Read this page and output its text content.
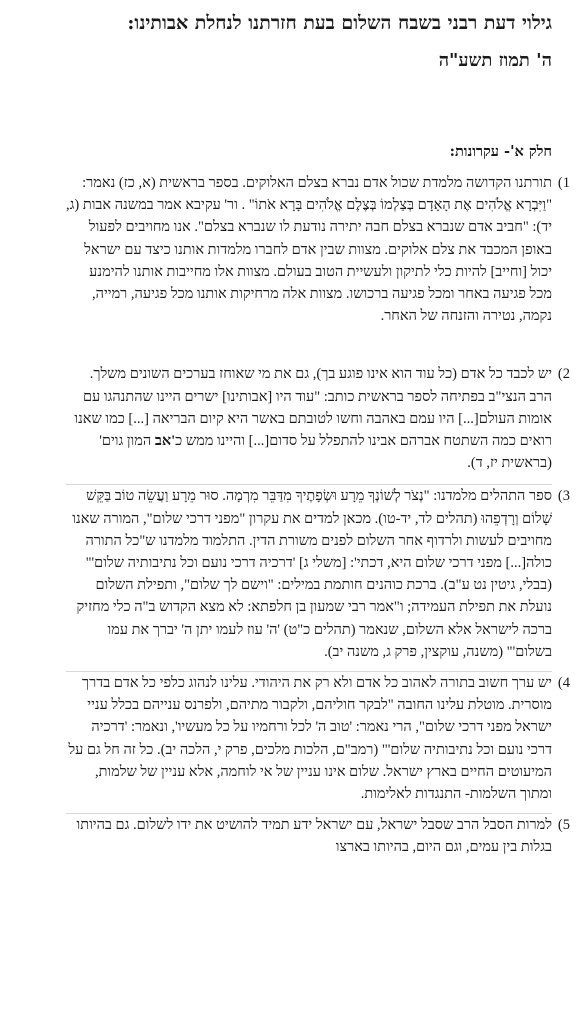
גילוי דעת רבני בשבח השלום בעת חזרתנו לנחלת אבותינו:
ה' תמוז תשע"ה
חלק א'- עקרונות:
1)

תורתנו הקדושה מלמדת שכול אדם נברא בצלם האלוקים. בספר בראשית (א, כז) נאמר: "וַיִּבְרָא אֱלֹהִים אֶת הָאָדָם בְּצַלְמוֹ בְּצֶלֶם אֱלֹהִים בָּרָא אֹתוֹ" . ור' עקיבא אמר במשנה אבות (ג, יד): "חביב אדם שנברא בצלם חבה יתירה נודעת לו שנברא בצלם". אנו מחויבים לפעול באופן המכבד את צלם אלוקים. מצוות שבין אדם לחברו מלמדות אותנו כיצד עם ישראל יכול [וחייב] להיות כלי לתיקון ולעשיית הטוב בעולם. מצוות אלו מחייבות אותנו להימנע מכל פגיעה באחר ומכל פגיעה ברכושו. מצוות אלה מרחיקות אותנו מכל פגיעה, רמייה, נקמה, נטירה והזנחה של האחר.

2)

יש לכבד כל אדם (כל עוד הוא אינו פוגע בך), גם את מי שאוחז בערכים השונים משלך. הרב הנצי"ב בפתיחה לספר בראשית כותב: "עוד היו [אבותינו] ישרים היינו שהתנהגו עם אומות העולם[...] היו עמם באהבה וחשו לטובתם באשר היא קיום הבריאה [...] כמו שאנו רואים כמה השתטח אברהם אבינו להתפלל על סדום[...] והיינו ממש כ'אב המון גוים' (בראשית יז, ד).

3)

ספר התהלים מלמדנו: "נְצֹר לְשׁוֹנְךָ מֵרָע וּשְׂפָתֶיךָ מִדַּבֵּר מִרְמָה. סוּר מֵרָע וַעֲשֵׂה טוֹב בַּקֵּשׁ שָׁלוֹם וְרָדְפֵהוּ (תהלים לד, יד-טו). מכאן למדים את עקרון "מפני דרכי שלום", המורה שאנו מחויבים לעשות ולרדוף אחר השלום לפנים משורת הדין. התלמוד מלמדנו ש"כל התורה כולה[...] מפני דרכי שלום היא, דכתי': [משלי ג] 'דרכיה דרכי נועם וכל נתיבותיה שלום'" (בבלי, גיטין נט ע"ב). ברכת כוהנים חותמת במילים: "וישם לך שלום", ותפילת השלום נועלת את תפילת העמידה; ו"אמר רבי שמעון בן חלפתא: לא מצא הקדוש ב"ה כלי מחזיק ברכה לישראל אלא השלום, שנאמר (תהלים כ"ט) 'ה' עוז לעמו יתן ה' יברך את עמו בשלום'" (משנה, עוקצין, פרק ג, משנה יב).

4)

יש ערך חשוב בתורה לאהוב כל אדם ולא רק את היהודי. עלינו לנהוג כלפי כל אדם בדרך מוסרית. מוטלת עלינו החובה "לבקר חוליהם, ולקבור מתיהם, ולפרנס ענייהם בכלל עניי ישראל מפני דרכי שלום", הרי נאמר: 'טוב ה' לכל ורחמיו על כל מעשיו', ונאמר: 'דרכיה דרכי נועם וכל נתיבותיה שלום'" (רמב"ם, הלכות מלכים, פרק י, הלכה יב). כל זה חל גם על המיעוטים החיים בארץ ישראל. שלום אינו עניין של אי לוחמה, אלא עניין של שלמות, ומתוך השלמות- התנגדות לאלימות.

5)

למרות הסבל הרב שסבל ישראל, עם ישראל ידע תמיד להושיט את ידו לשלום. גם בהיותו בגלות בין עמים, וגם היום, בהיותו בארצו
